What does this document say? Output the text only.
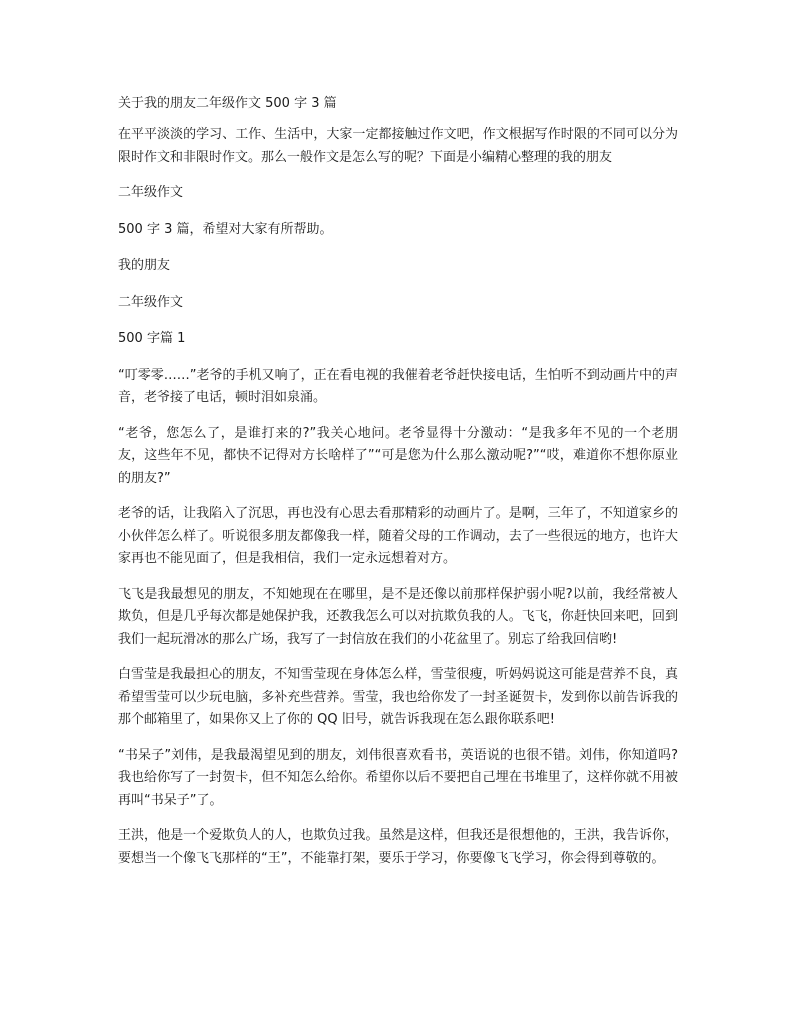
关于我的朋友二年级作文 500 字 3 篇

在平平淡淡的学习、工作、生活中，大家一定都接触过作文吧，作文根据写作时限的不同可以分为限时作文和非限时作文。那么一般作文是怎么写的呢？下面是小编精心整理的我的朋友

二年级作文

500 字 3 篇，希望对大家有所帮助。

我的朋友

二年级作文

500 字篇 1

“叮零零……”老爷的手机又响了，正在看电视的我催着老爷赶快接电话，生怕听不到动画片中的声音，老爷接了电话，顿时泪如泉涌。

“老爷，您怎么了，是谁打来的?”我关心地问。老爷显得十分激动：“是我多年不见的一个老朋友，这些年不见，都快不记得对方长啥样了”“可是您为什么那么激动呢?”“哎，难道你不想你原业的朋友?”

老爷的话，让我陷入了沉思，再也没有心思去看那精彩的动画片了。是啊，三年了，不知道家乡的小伙伴怎么样了。听说很多朋友都像我一样，随着父母的工作调动，去了一些很远的地方，也许大家再也不能见面了，但是我相信，我们一定永远想着对方。

飞飞是我最想见的朋友，不知她现在在哪里，是不是还像以前那样保护弱小呢?以前，我经常被人欺负，但是几乎每次都是她保护我，还教我怎么可以对抗欺负我的人。飞飞，你赶快回来吧，回到我们一起玩滑冰的那么广场，我写了一封信放在我们的小花盆里了。别忘了给我回信哟!

白雪莹是我最担心的朋友，不知雪莹现在身体怎么样，雪莹很瘦，听妈妈说这可能是营养不良，真希望雪莹可以少玩电脑，多补充些营养。雪莹，我也给你发了一封圣诞贺卡，发到你以前告诉我的那个邮箱里了，如果你又上了你的 QQ 旧号，就告诉我现在怎么跟你联系吧!

“书呆子”刘伟，是我最渴望见到的朋友，刘伟很喜欢看书，英语说的也很不错。刘伟，你知道吗?我也给你写了一封贺卡，但不知怎么给你。希望你以后不要把自己埋在书堆里了，这样你就不用被再叫“书呆子”了。

王洪，他是一个爱欺负人的人，也欺负过我。虽然是这样，但我还是很想他的，王洪，我告诉你，要想当一个像飞飞那样的“王”，不能靠打架，要乐于学习，你要像飞飞学习，你会得到尊敬的。
